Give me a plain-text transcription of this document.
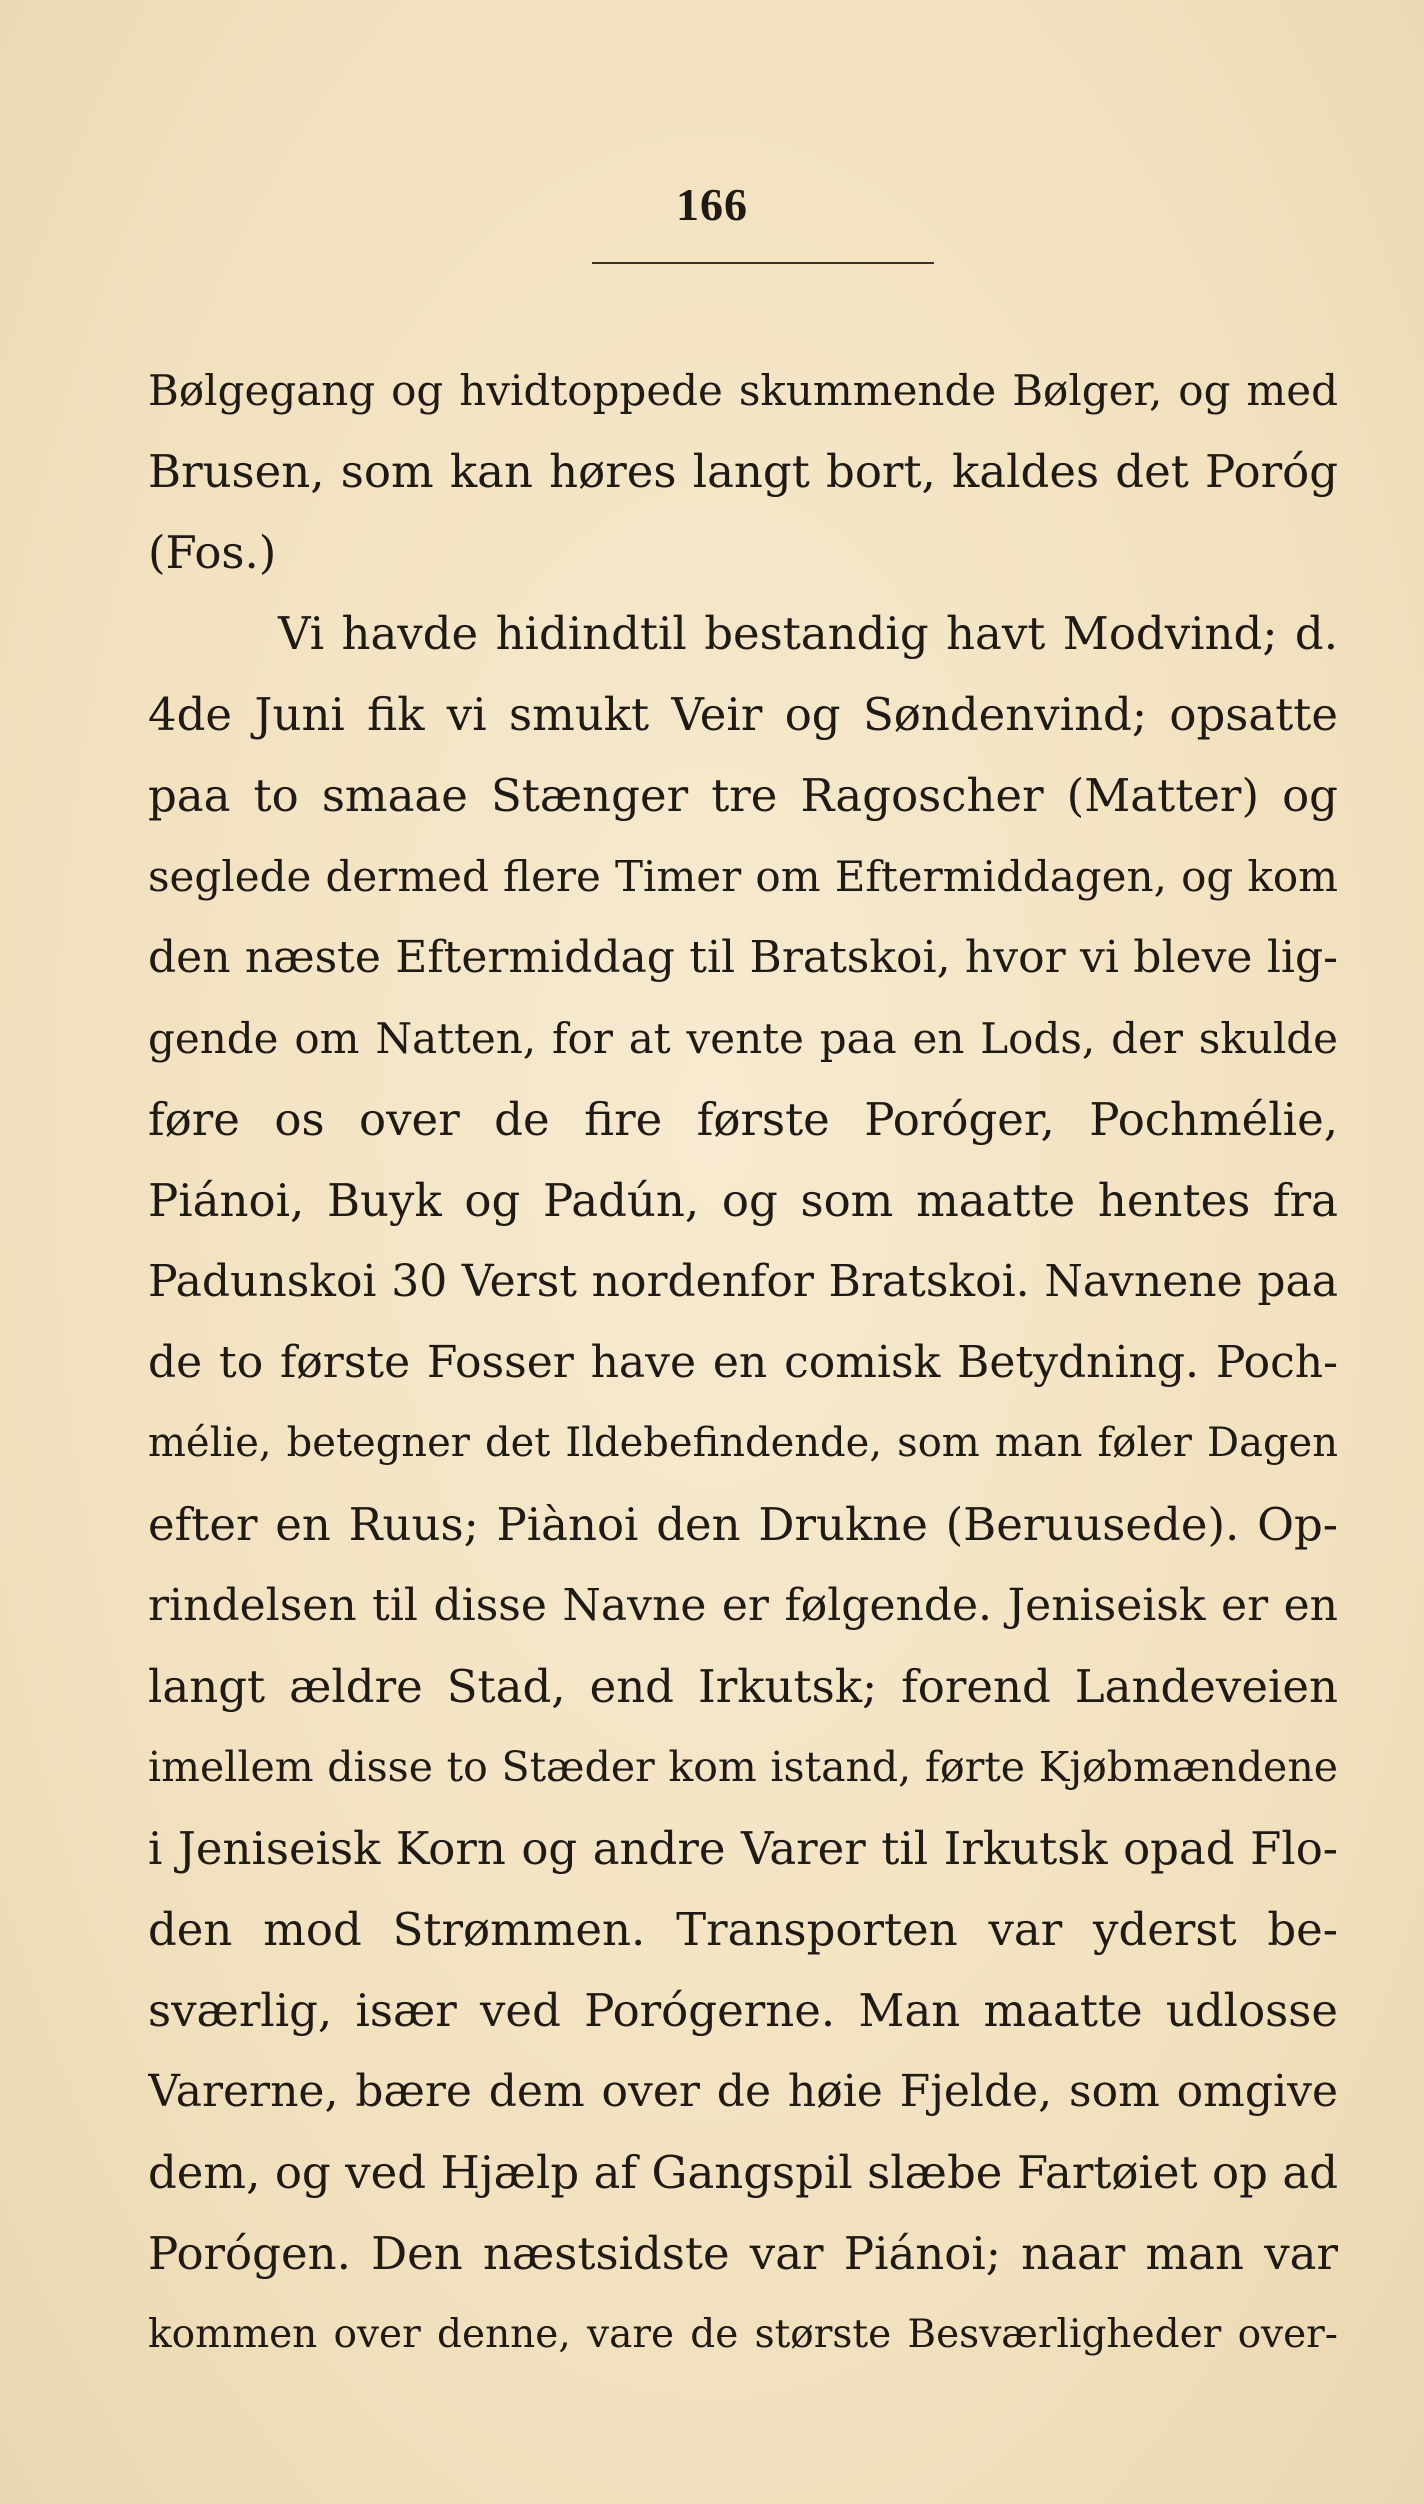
166
Bølgegang og hvidtoppede skummende Bølger, og med
Brusen, som kan høres langt bort, kaldes det Poróg
(Fos.)
Vi havde hidindtil bestandig havt Modvind; d.
4de Juni fik vi smukt Veir og Søndenvind; opsatte
paa to smaae Stænger tre Ragoscher (Matter) og
seglede dermed flere Timer om Eftermiddagen, og kom
den næste Eftermiddag til Bratskoi, hvor vi bleve lig-
gende om Natten, for at vente paa en Lods, der skulde
føre os over de fire første Poróger, Pochmélie,
Piánoi, Buyk og Padún, og som maatte hentes fra
Padunskoi 30 Verst nordenfor Bratskoi. Navnene paa
de to første Fosser have en comisk Betydning. Poch-
mélie, betegner det Ildebefindende, som man føler Dagen
efter en Ruus; Piànoi den Drukne (Beruusede). Op-
rindelsen til disse Navne er følgende. Jeniseisk er en
langt ældre Stad, end Irkutsk; forend Landeveien
imellem disse to Stæder kom istand, førte Kjøbmændene
i Jeniseisk Korn og andre Varer til Irkutsk opad Flo-
den mod Strømmen. Transporten var yderst be-
sværlig, især ved Porógerne. Man maatte udlosse
Varerne, bære dem over de høie Fjelde, som omgive
dem, og ved Hjælp af Gangspil slæbe Fartøiet op ad
Porógen. Den næstsidste var Piánoi; naar man var
kommen over denne, vare de største Besværligheder over-
